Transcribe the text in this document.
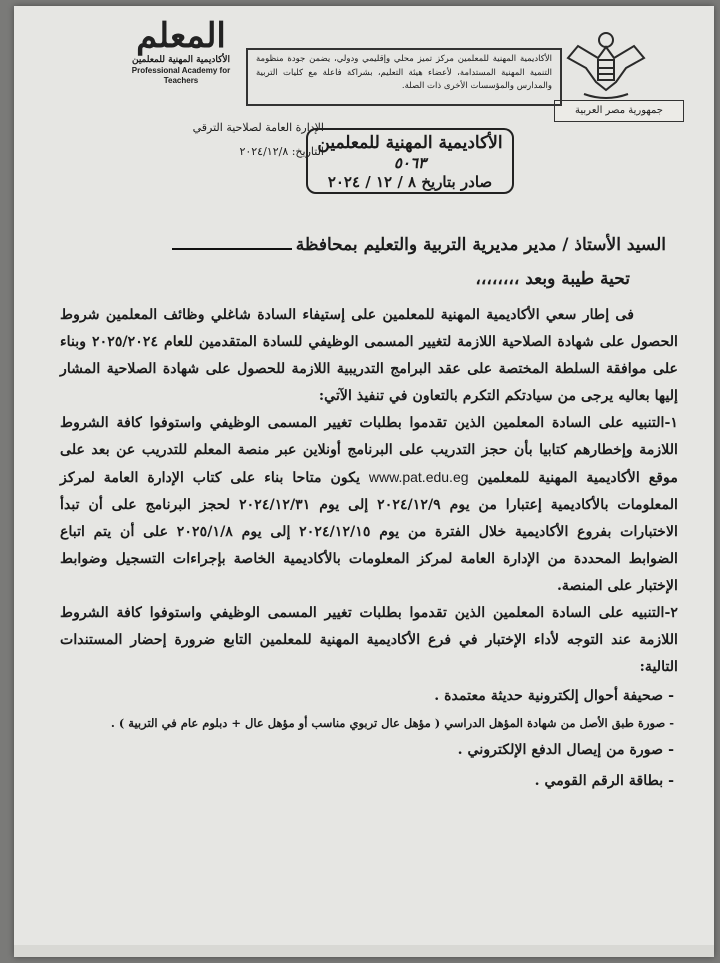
جمهورية مصر العربية
الأكاديمية المهنية للمعلمين مركز تميز محلي وإقليمي ودولي، يضمن جودة منظومة التنمية المهنية المستدامة، لأعضاء هيئة التعليم، بشراكة فاعلة مع كليات التربية والمدارس والمؤسسات الأخرى ذات الصلة.
المعلم
الأكاديمية المهنية للمعلمين
Professional Academy for Teachers
الإدارة العامة لصلاحية الترقي
التاريخ: ٢٠٢٤/١٢/٨
الأكاديمية المهنية للمعلمين
٥٠٦٣
صادر بتاريخ ٨ / ١٢ / ٢٠٢٤
السيد الأستاذ / مدير مديرية التربية والتعليم بمحافظة
تحية طيبة وبعد ،،،،،،،،

فى إطار سعي الأكاديمية المهنية للمعلمين على إستيفاء السادة شاغلي وظائف المعلمين شروط الحصول على شهادة الصلاحية اللازمة لتغيير المسمى الوظيفي للسادة المتقدمين للعام ٢٠٢٥/٢٠٢٤ وبناء على موافقة السلطة المختصة على عقد البرامج التدريبية اللازمة للحصول على شهادة الصلاحية المشار إليها بعاليه يرجى من سيادتكم التكرم بالتعاون في تنفيذ الآتي:

١-التنبيه على السادة المعلمين الذين تقدموا بطلبات تغيير المسمى الوظيفي واستوفوا كافة الشروط اللازمة وإخطارهم كتابيا بأن حجز التدريب على البرنامج أونلاين عبر منصة المعلم للتدريب عن بعد على موقع الأكاديمية المهنية للمعلمين www.pat.edu.eg يكون متاحا بناء على كتاب الإدارة العامة لمركز المعلومات بالأكاديمية إعتبارا من يوم ٢٠٢٤/١٢/٩ إلى يوم ٢٠٢٤/١٢/٣١ لحجز البرنامج على أن تبدأ الاختبارات بفروع الأكاديمية خلال الفترة من يوم ٢٠٢٤/١٢/١٥ إلى يوم ٢٠٢٥/١/٨ على أن يتم اتباع الضوابط المحددة من الإدارة العامة لمركز المعلومات بالأكاديمية الخاصة بإجراءات التسجيل وضوابط الإختبار على المنصة.

٢-التنبيه على السادة المعلمين الذين تقدموا بطلبات تغيير المسمى الوظيفي واستوفوا كافة الشروط اللازمة عند التوجه لأداء الإختبار في فرع الأكاديمية المهنية للمعلمين التابع ضرورة إحضار المستندات التالية:

- صحيفة أحوال إلكترونية حديثة معتمدة .
- صورة طبق الأصل من شهادة المؤهل الدراسي ( مؤهل عال تربوي مناسب أو مؤهل عال + دبلوم عام في التربية ) .
- صورة من إيصال الدفع الإلكتروني .
- بطاقة الرقم القومي .
